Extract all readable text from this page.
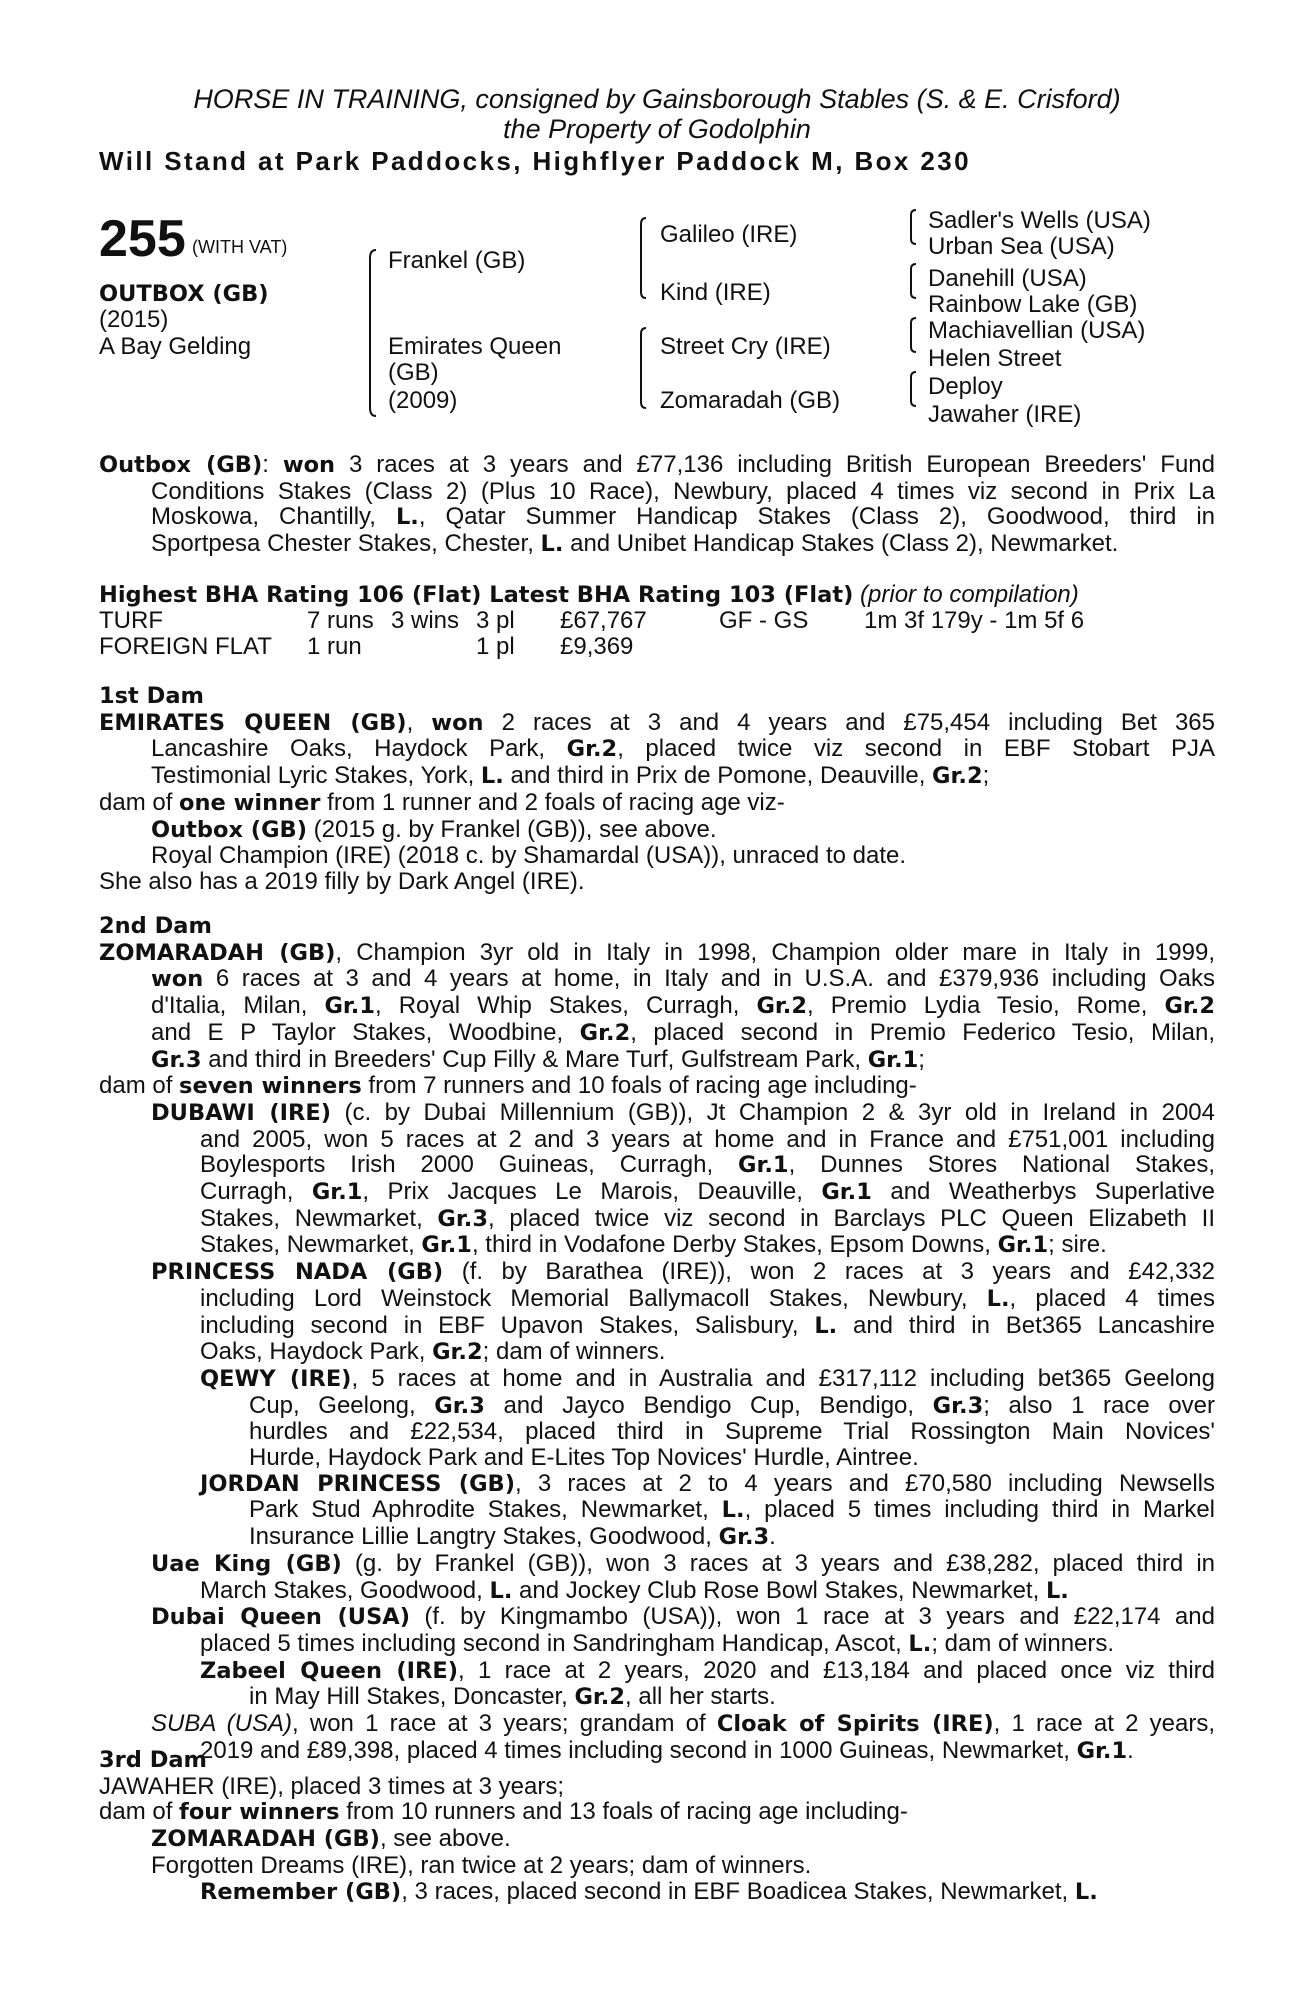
HORSE IN TRAINING, consigned by Gainsborough Stables (S. & E. Crisford)
the Property of Godolphin
Will Stand at Park Paddocks, Highflyer Paddock M, Box 230
255 (WITH VAT)
OUTBOX (GB)
(2015)
A Bay Gelding
Frankel (GB)
Emirates Queen
(GB)
(2009)
Galileo (IRE)
Kind (IRE)
Street Cry (IRE)
Zomaradah (GB)
Sadler's Wells (USA)
Urban Sea (USA)
Danehill (USA)
Rainbow Lake (GB)
Machiavellian (USA)
Helen Street
Deploy
Jawaher (IRE)
Outbox (GB): won 3 races at 3 years and £77,136 including British European Breeders' Fund
Conditions Stakes (Class 2) (Plus 10 Race), Newbury, placed 4 times viz second in Prix La
Moskowa, Chantilly, L., Qatar Summer Handicap Stakes (Class 2), Goodwood, third in
Sportpesa Chester Stakes, Chester, L. and Unibet Handicap Stakes (Class 2), Newmarket.
Highest BHA Rating 106 (Flat) Latest BHA Rating 103 (Flat) (prior to compilation)
TURF	7 runs 3 wins 3 pl £67,767	GF - GS 1m 3f 179y - 1m 5f 6
FOREIGN FLAT 1 run	1 pl £9,369
1st Dam
EMIRATES QUEEN (GB), won 2 races at 3 and 4 years and £75,454 including Bet 365
Lancashire Oaks, Haydock Park, Gr.2, placed twice viz second in EBF Stobart PJA
Testimonial Lyric Stakes, York, L. and third in Prix de Pomone, Deauville, Gr.2;
dam of one winner from 1 runner and 2 foals of racing age viz-
Outbox (GB) (2015 g. by Frankel (GB)), see above.
Royal Champion (IRE) (2018 c. by Shamardal (USA)), unraced to date.
She also has a 2019 filly by Dark Angel (IRE).
2nd Dam
ZOMARADAH (GB), Champion 3yr old in Italy in 1998, Champion older mare in Italy in 1999,
won 6 races at 3 and 4 years at home, in Italy and in U.S.A. and £379,936 including Oaks
d'Italia, Milan, Gr.1, Royal Whip Stakes, Curragh, Gr.2, Premio Lydia Tesio, Rome, Gr.2
and E P Taylor Stakes, Woodbine, Gr.2, placed second in Premio Federico Tesio, Milan,
Gr.3 and third in Breeders' Cup Filly & Mare Turf, Gulfstream Park, Gr.1;
dam of seven winners from 7 runners and 10 foals of racing age including-
DUBAWI (IRE) (c. by Dubai Millennium (GB)), Jt Champion 2 & 3yr old in Ireland in 2004
and 2005, won 5 races at 2 and 3 years at home and in France and £751,001 including
Boylesports Irish 2000 Guineas, Curragh, Gr.1, Dunnes Stores National Stakes,
Curragh, Gr.1, Prix Jacques Le Marois, Deauville, Gr.1 and Weatherbys Superlative
Stakes, Newmarket, Gr.3, placed twice viz second in Barclays PLC Queen Elizabeth II
Stakes, Newmarket, Gr.1, third in Vodafone Derby Stakes, Epsom Downs, Gr.1; sire.
PRINCESS NADA (GB) (f. by Barathea (IRE)), won 2 races at 3 years and £42,332
including Lord Weinstock Memorial Ballymacoll Stakes, Newbury, L., placed 4 times
including second in EBF Upavon Stakes, Salisbury, L. and third in Bet365 Lancashire
Oaks, Haydock Park, Gr.2; dam of winners.
QEWY (IRE), 5 races at home and in Australia and £317,112 including bet365 Geelong
Cup, Geelong, Gr.3 and Jayco Bendigo Cup, Bendigo, Gr.3; also 1 race over
hurdles and £22,534, placed third in Supreme Trial Rossington Main Novices'
Hurde, Haydock Park and E-Lites Top Novices' Hurdle, Aintree.
JORDAN PRINCESS (GB), 3 races at 2 to 4 years and £70,580 including Newsells
Park Stud Aphrodite Stakes, Newmarket, L., placed 5 times including third in Markel
Insurance Lillie Langtry Stakes, Goodwood, Gr.3.
Uae King (GB) (g. by Frankel (GB)), won 3 races at 3 years and £38,282, placed third in
March Stakes, Goodwood, L. and Jockey Club Rose Bowl Stakes, Newmarket, L.
Dubai Queen (USA) (f. by Kingmambo (USA)), won 1 race at 3 years and £22,174 and
placed 5 times including second in Sandringham Handicap, Ascot, L.; dam of winners.
Zabeel Queen (IRE), 1 race at 2 years, 2020 and £13,184 and placed once viz third
in May Hill Stakes, Doncaster, Gr.2, all her starts.
SUBA (USA), won 1 race at 3 years; grandam of Cloak of Spirits (IRE), 1 race at 2 years,
2019 and £89,398, placed 4 times including second in 1000 Guineas, Newmarket, Gr.1.
3rd Dam
JAWAHER (IRE), placed 3 times at 3 years;
dam of four winners from 10 runners and 13 foals of racing age including-
ZOMARADAH (GB), see above.
Forgotten Dreams (IRE), ran twice at 2 years; dam of winners.
Remember (GB), 3 races, placed second in EBF Boadicea Stakes, Newmarket, L.
